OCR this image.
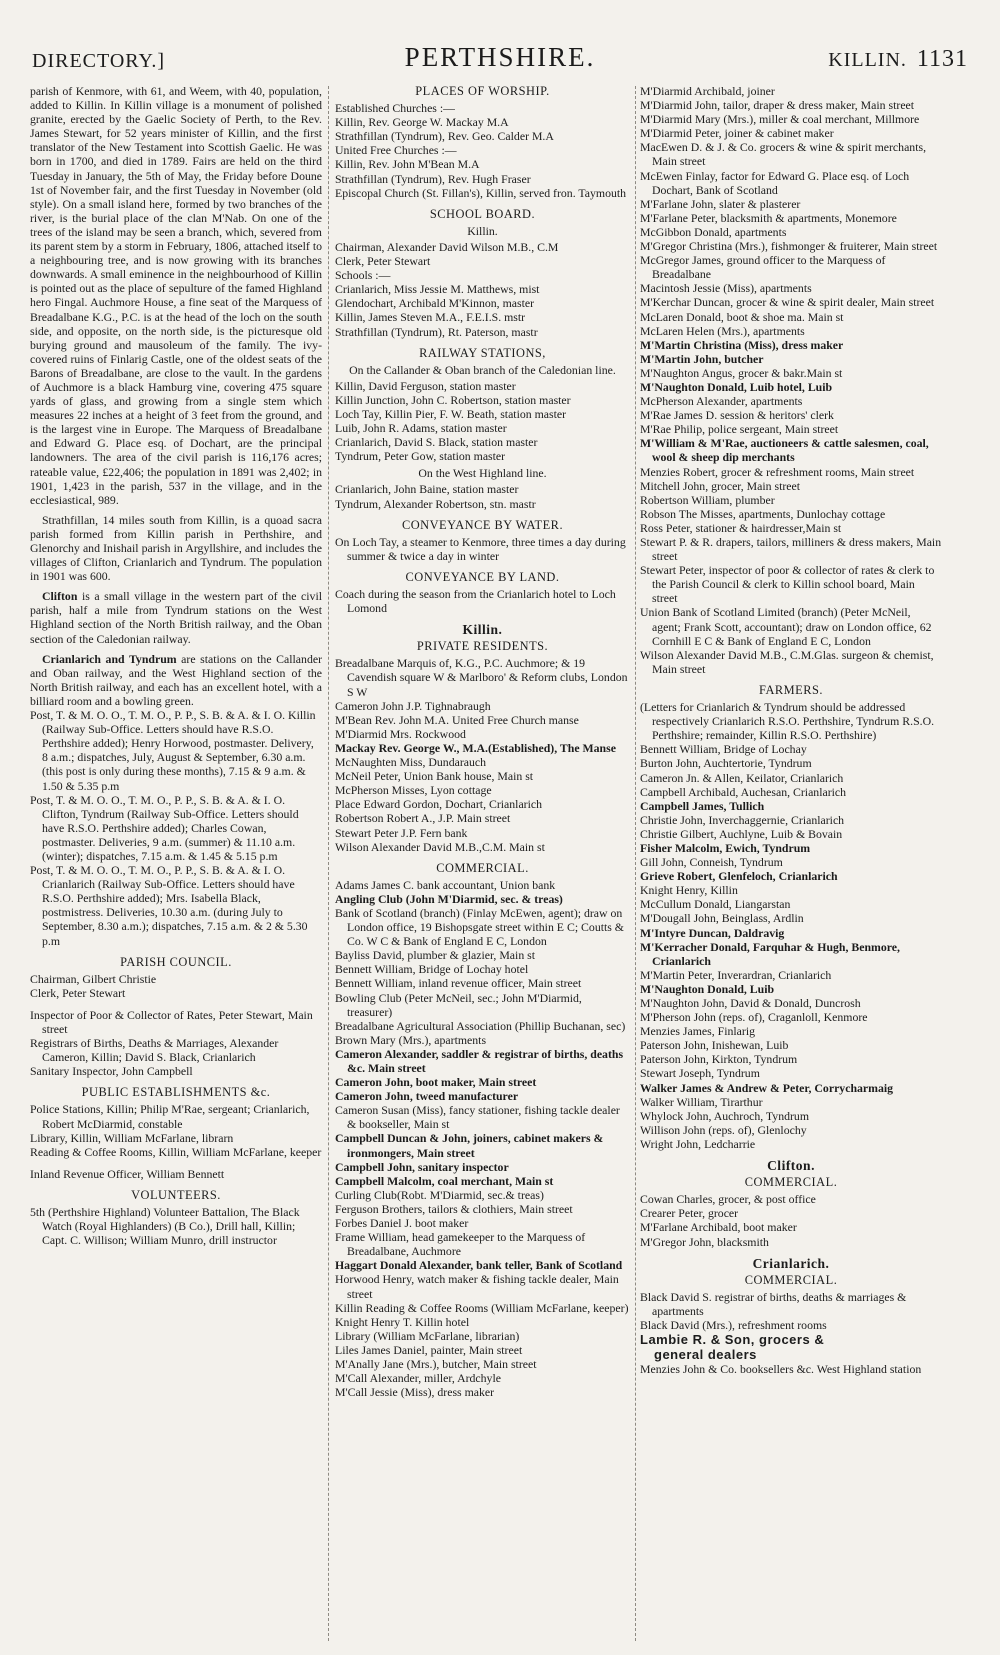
DIRECTORY.]	PERTHSHIRE.	KILLIN. 1131

parish of Kenmore, with 61, and Weem, with 40, population, added to Killin. In Killin village is a monument of polished granite, erected by the Gaelic Society of Perth, to the Rev. James Stewart, for 52 years minister of Killin, and the first translator of the New Testament into Scottish Gaelic. He was born in 1700, and died in 1789. Fairs are held on the third Tuesday in January, the 5th of May, the Friday before Doune 1st of November fair, and the first Tuesday in November (old style). On a small island here, formed by two branches of the river, is the burial place of the clan M'Nab. On one of the trees of the island may be seen a branch, which, severed from its parent stem by a storm in February, 1806, attached itself to a neighbouring tree, and is now growing with its branches downwards. A small eminence in the neighbourhood of Killin is pointed out as the place of sepulture of the famed Highland hero Fingal. Auchmore House, a fine seat of the Marquess of Breadalbane K.G., P.C. is at the head of the loch on the south side, and opposite, on the north side, is the picturesque old burying ground and mausoleum of the family. The ivy-covered ruins of Finlarig Castle, one of the oldest seats of the Barons of Breadalbane, are close to the vault. In the gardens of Auchmore is a black Hamburg vine, covering 475 square yards of glass, and growing from a single stem which measures 22 inches at a height of 3 feet from the ground, and is the largest vine in Europe. The Marquess of Breadalbane and Edward G. Place esq. of Dochart, are the principal landowners. The area of the civil parish is 116,176 acres; rateable value, £22,406; the population in 1891 was 2,402; in 1901, 1,423 in the parish, 537 in the village, and in the ecclesiastical, 989.

Strathfillan, 14 miles south from Killin, is a quoad sacra parish formed from Killin parish in Perthshire, and Glenorchy and Inishail parish in Argyllshire, and includes the villages of Clifton, Crianlarich and Tyndrum. The population in 1901 was 600.

Clifton is a small village in the western part of the civil parish, half a mile from Tyndrum stations on the West Highland section of the North British railway, and the Oban section of the Caledonian railway.

Crianlarich and Tyndrum are stations on the Callander and Oban railway, and the West Highland section of the North British railway, and each has an excellent hotel, with a billiard room and a bowling green.

Post, T. & M. O. O., T. M. O., P. P., S. B. & A. & I. O. Killin (Railway Sub-Office. Letters should have R.S.O. Perthshire added); Henry Horwood, postmaster. Delivery, 8 a.m.; dispatches, July, August & September, 6.30 a.m. (this post is only during these months), 7.15 & 9 a.m. & 1.50 & 5.35 p.m

Post, T. & M. O. O., T. M. O., P. P., S. B. & A. & I. O. Clifton, Tyndrum (Railway Sub-Office. Letters should have R.S.O. Perthshire added); Charles Cowan, postmaster. Deliveries, 9 a.m. (summer) & 11.10 a.m. (winter); dispatches, 7.15 a.m. & 1.45 & 5.15 p.m

Post, T. & M. O. O., T. M. O., P. P., S. B. & A. & I. O. Crianlarich (Railway Sub-Office. Letters should have R.S.O. Perthshire added); Mrs. Isabella Black, postmistress. Deliveries, 10.30 a.m. (during July to September, 8.30 a.m.); dispatches, 7.15 a.m. & 2 & 5.30 p.m

PARISH COUNCIL.

Chairman, Gilbert Christie

Clerk, Peter Stewart

Inspector of Poor & Collector of Rates, Peter Stewart, Main street

Registrars of Births, Deaths & Marriages, Alexander Cameron, Killin; David S. Black, Crianlarich

Sanitary Inspector, John Campbell

PUBLIC ESTABLISHMENTS &c.

Police Stations, Killin; Philip M'Rae, sergeant; Crianlarich, Robert McDiarmid, constable

Library, Killin, William McFarlane, librarn

Reading & Coffee Rooms, Killin, William McFarlane, keeper

Inland Revenue Officer, William Bennett

VOLUNTEERS.

5th (Perthshire Highland) Volunteer Battalion, The Black Watch (Royal Highlanders) (B Co.), Drill hall, Killin; Capt. C. Willison; William Munro, drill instructor

PLACES OF WORSHIP.

Established Churches :—

Killin, Rev. George W. Mackay M.A

Strathfillan (Tyndrum), Rev. Geo. Calder M.A

United Free Churches :—

Killin, Rev. John M'Bean M.A

Strathfillan (Tyndrum), Rev. Hugh Fraser

Episcopal Church (St. Fillan's), Killin, served fron. Taymouth

SCHOOL BOARD.

Killin.

Chairman, Alexander David Wilson M.B., C.M

Clerk, Peter Stewart

Schools :—

Crianlarich, Miss Jessie M. Matthews, mist

Glendochart, Archibald M'Kinnon, master

Killin, James Steven M.A., F.E.I.S. mstr

Strathfillan (Tyndrum), Rt. Paterson, mastr

RAILWAY STATIONS,

On the Callander & Oban branch of the Caledonian line.

Killin, David Ferguson, station master

Killin Junction, John C. Robertson, station master

Loch Tay, Killin Pier, F. W. Beath, station master

Luib, John R. Adams, station master

Crianlarich, David S. Black, station master

Tyndrum, Peter Gow, station master

On the West Highland line.

Crianlarich, John Baine, station master

Tyndrum, Alexander Robertson, stn. mastr

CONVEYANCE BY WATER.

On Loch Tay, a steamer to Kenmore, three times a day during summer & twice a day in winter

CONVEYANCE BY LAND.

Coach during the season from the Crianlarich hotel to Loch Lomond

Killin.

PRIVATE RESIDENTS.

Breadalbane Marquis of, K.G., P.C. Auchmore; & 19 Cavendish square W & Marlboro' & Reform clubs, London S W

Cameron John J.P. Tighnabraugh

M'Bean Rev. John M.A. United Free Church manse

M'Diarmid Mrs. Rockwood

Mackay Rev. George W., M.A.(Established), The Manse

McNaughten Miss, Dundarauch

McNeil Peter, Union Bank house, Main st

McPherson Misses, Lyon cottage

Place Edward Gordon, Dochart, Crianlarich

Robertson Robert A., J.P. Main street

Stewart Peter J.P. Fern bank

Wilson Alexander David M.B.,C.M. Main st

COMMERCIAL.

Adams James C. bank accountant, Union bank

Angling Club (John M'Diarmid, sec. & treas)

Bank of Scotland (branch) (Finlay McEwen, agent); draw on London office, 19 Bishopsgate street within E C; Coutts & Co. W C & Bank of England E C, London

Bayliss David, plumber & glazier, Main st

Bennett William, Bridge of Lochay hotel

Bennett William, inland revenue officer, Main street

Bowling Club (Peter McNeil, sec.; John M'Diarmid, treasurer)

Breadalbane Agricultural Association (Phillip Buchanan, sec)

Brown Mary (Mrs.), apartments

Cameron Alexander, saddler & registrar of births, deaths &c. Main street

Cameron John, boot maker, Main street

Cameron John, tweed manufacturer

Cameron Susan (Miss), fancy stationer, fishing tackle dealer & bookseller, Main st

Campbell Duncan & John, joiners, cabinet makers & ironmongers, Main street

Campbell John, sanitary inspector

Campbell Malcolm, coal merchant, Main st

Curling Club(Robt. M'Diarmid, sec.& treas)

Ferguson Brothers, tailors & clothiers, Main street

Forbes Daniel J. boot maker

Frame William, head gamekeeper to the Marquess of Breadalbane, Auchmore

Haggart Donald Alexander, bank teller, Bank of Scotland

Horwood Henry, watch maker & fishing tackle dealer, Main street

Killin Reading & Coffee Rooms (William McFarlane, keeper)

Knight Henry T. Killin hotel

Library (William McFarlane, librarian)

Liles James Daniel, painter, Main street

M'Anally Jane (Mrs.), butcher, Main street

M'Call Alexander, miller, Ardchyle

M'Call Jessie (Miss), dress maker

M'Diarmid Archibald, joiner

M'Diarmid John, tailor, draper & dress maker, Main street

M'Diarmid Mary (Mrs.), miller & coal merchant, Millmore

M'Diarmid Peter, joiner & cabinet maker

MacEwen D. & J. & Co. grocers & wine & spirit merchants, Main street

McEwen Finlay, factor for Edward G. Place esq. of Loch Dochart, Bank of Scotland

M'Farlane John, slater & plasterer

M'Farlane Peter, blacksmith & apartments, Monemore

McGibbon Donald, apartments

M'Gregor Christina (Mrs.), fishmonger & fruiterer, Main street

McGregor James, ground officer to the Marquess of Breadalbane

Macintosh Jessie (Miss), apartments

M'Kerchar Duncan, grocer & wine & spirit dealer, Main street

McLaren Donald, boot & shoe ma. Main st

McLaren Helen (Mrs.), apartments

M'Martin Christina (Miss), dress maker

M'Martin John, butcher

M'Naughton Angus, grocer & bakr.Main st

M'Naughton Donald, Luib hotel, Luib

McPherson Alexander, apartments

M'Rae James D. session & heritors' clerk

M'Rae Philip, police sergeant, Main street

M'William & M'Rae, auctioneers & cattle salesmen, coal, wool & sheep dip merchants

Menzies Robert, grocer & refreshment rooms, Main street

Mitchell John, grocer, Main street

Robertson William, plumber

Robson The Misses, apartments, Dunlochay cottage

Ross Peter, stationer & hairdresser,Main st

Stewart P. & R. drapers, tailors, milliners & dress makers, Main street

Stewart Peter, inspector of poor & collector of rates & clerk to the Parish Council & clerk to Killin school board, Main street

Union Bank of Scotland Limited (branch) (Peter McNeil, agent; Frank Scott, accountant); draw on London office, 62 Cornhill E C & Bank of England E C, London

Wilson Alexander David M.B., C.M.Glas. surgeon & chemist, Main street

FARMERS.

(Letters for Crianlarich & Tyndrum should be addressed respectively Crianlarich R.S.O. Perthshire, Tyndrum R.S.O. Perthshire; remainder, Killin R.S.O. Perthshire)

Bennett William, Bridge of Lochay

Burton John, Auchtertorie, Tyndrum

Cameron Jn. & Allen, Keilator, Crianlarich

Campbell Archibald, Auchesan, Crianlarich

Campbell James, Tullich

Christie John, Inverchaggernie, Crianlarich

Christie Gilbert, Auchlyne, Luib & Bovain

Fisher Malcolm, Ewich, Tyndrum

Gill John, Conneish, Tyndrum

Grieve Robert, Glenfeloch, Crianlarich

Knight Henry, Killin

McCullum Donald, Liangarstan

M'Dougall John, Beinglass, Ardlin

M'Intyre Duncan, Daldravig

M'Kerracher Donald, Farquhar & Hugh, Benmore, Crianlarich

M'Martin Peter, Inverardran, Crianlarich

M'Naughton Donald, Luib

M'Naughton John, David & Donald, Duncrosh

M'Pherson John (reps. of), Craganloll, Kenmore

Menzies James, Finlarig

Paterson John, Inishewan, Luib

Paterson John, Kirkton, Tyndrum

Stewart Joseph, Tyndrum

Walker James & Andrew & Peter, Corrycharmaig

Walker William, Tirarthur

Whylock John, Auchroch, Tyndrum

Willison John (reps. of), Glenlochy

Wright John, Ledcharrie

Clifton.

COMMERCIAL.

Cowan Charles, grocer, & post office

Crearer Peter, grocer

M'Farlane Archibald, boot maker

M'Gregor John, blacksmith

Crianlarich.

COMMERCIAL.

Black David S. registrar of births, deaths & marriages & apartments

Black David (Mrs.), refreshment rooms

Lambie R. & Son, grocers &

general dealers

Menzies John & Co. booksellers &c. West Highland station
